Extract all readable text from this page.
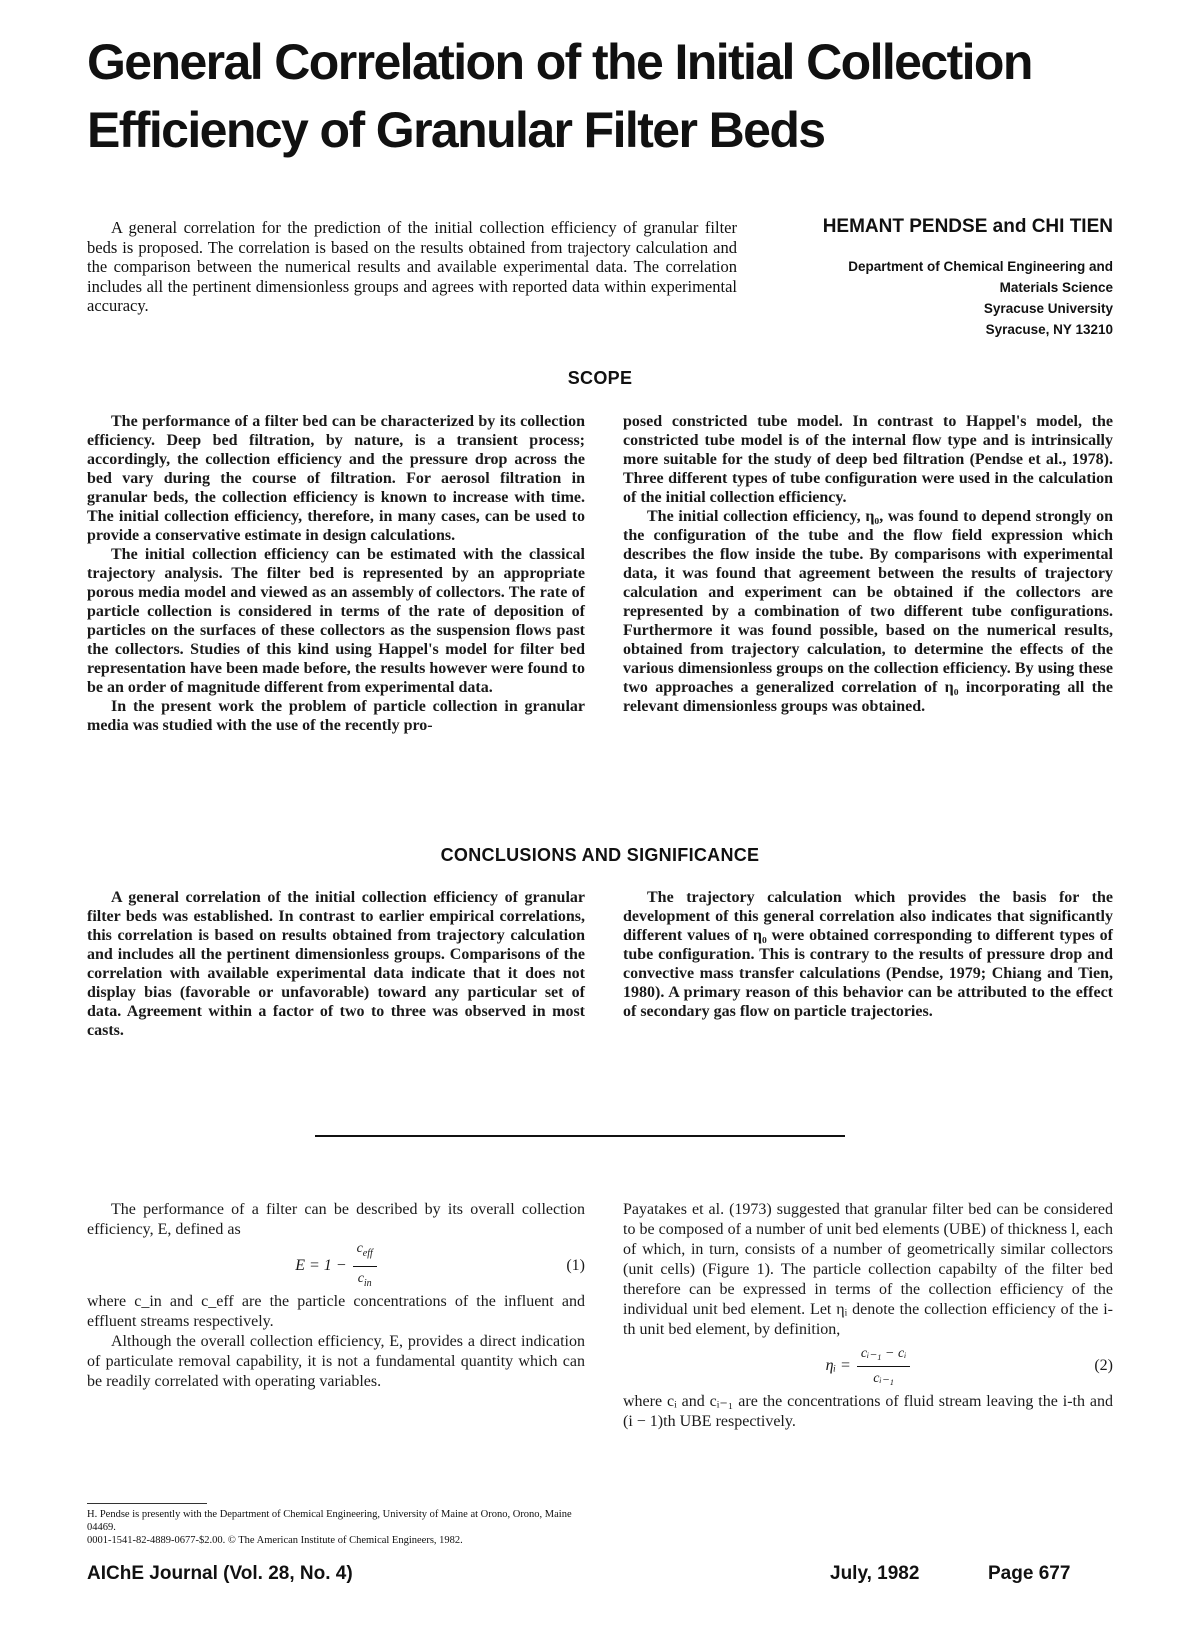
General Correlation of the Initial Collection
Efficiency of Granular Filter Beds
A general correlation for the prediction of the initial collection efficiency of granular filter beds is proposed. The correlation is based on the results obtained from trajectory calculation and the comparison between the numerical results and available experimental data. The correlation includes all the pertinent dimensionless groups and agrees with reported data within experimental accuracy.
HEMANT PENDSE and CHI TIEN
Department of Chemical Engineering and
Materials Science
Syracuse University
Syracuse, NY 13210
SCOPE

The performance of a filter bed can be characterized by its collection efficiency. Deep bed filtration, by nature, is a transient process; accordingly, the collection efficiency and the pressure drop across the bed vary during the course of filtration. For aerosol filtration in granular beds, the collection efficiency is known to increase with time. The initial collection efficiency, therefore, in many cases, can be used to provide a conservative estimate in design calculations.

The initial collection efficiency can be estimated with the classical trajectory analysis. The filter bed is represented by an appropriate porous media model and viewed as an assembly of collectors. The rate of particle collection is considered in terms of the rate of deposition of particles on the surfaces of these collectors as the suspension flows past the collectors. Studies of this kind using Happel's model for filter bed representation have been made before, the results however were found to be an order of magnitude different from experimental data.

In the present work the problem of particle collection in granular media was studied with the use of the recently pro-

posed constricted tube model. In contrast to Happel's model, the constricted tube model is of the internal flow type and is intrinsically more suitable for the study of deep bed filtration (Pendse et al., 1978). Three different types of tube configuration were used in the calculation of the initial collection efficiency.

The initial collection efficiency, η₀, was found to depend strongly on the configuration of the tube and the flow field expression which describes the flow inside the tube. By comparisons with experimental data, it was found that agreement between the results of trajectory calculation and experiment can be obtained if the collectors are represented by a combination of two different tube configurations. Furthermore it was found possible, based on the numerical results, obtained from trajectory calculation, to determine the effects of the various dimensionless groups on the collection efficiency. By using these two approaches a generalized correlation of η₀ incorporating all the relevant dimensionless groups was obtained.

CONCLUSIONS AND SIGNIFICANCE

A general correlation of the initial collection efficiency of granular filter beds was established. In contrast to earlier empirical correlations, this correlation is based on results obtained from trajectory calculation and includes all the pertinent dimensionless groups. Comparisons of the correlation with available experimental data indicate that it does not display bias (favorable or unfavorable) toward any particular set of data. Agreement within a factor of two to three was observed in most casts.

The trajectory calculation which provides the basis for the development of this general correlation also indicates that significantly different values of η₀ were obtained corresponding to different types of tube configuration. This is contrary to the results of pressure drop and convective mass transfer calculations (Pendse, 1979; Chiang and Tien, 1980). A primary reason of this behavior can be attributed to the effect of secondary gas flow on particle trajectories.

The performance of a filter can be described by its overall collection efficiency, E, defined as

$E = 1 - \frac{c_{eff}}{c_{in}}$	(1)

where c_in and c_eff are the particle concentrations of the influent and effluent streams respectively.

Although the overall collection efficiency, E, provides a direct indication of particulate removal capability, it is not a fundamental quantity which can be readily correlated with operating variables.

Payatakes et al. (1973) suggested that granular filter bed can be considered to be composed of a number of unit bed elements (UBE) of thickness l, each of which, in turn, consists of a number of geometrically similar collectors (unit cells) (Figure 1). The particle collection capabilty of the filter bed therefore can be expressed in terms of the collection efficiency of the individual unit bed element. Let ηᵢ denote the collection efficiency of the i-th unit bed element, by definition,

ηᵢ = $\frac{\text{cᵢ₋₁ − cᵢ}}{\text{cᵢ₋₁}}$	(2)

where cᵢ and cᵢ₋₁ are the concentrations of fluid stream leaving the i-th and (i − 1)th UBE respectively.

H. Pendse is presently with the Department of Chemical Engineering, University of Maine at Orono, Orono, Maine 04469.
0001-1541-82-4889-0677-$2.00. © The American Institute of Chemical Engineers, 1982.
AIChE Journal (Vol. 28, No. 4)	July, 1982	Page 677
